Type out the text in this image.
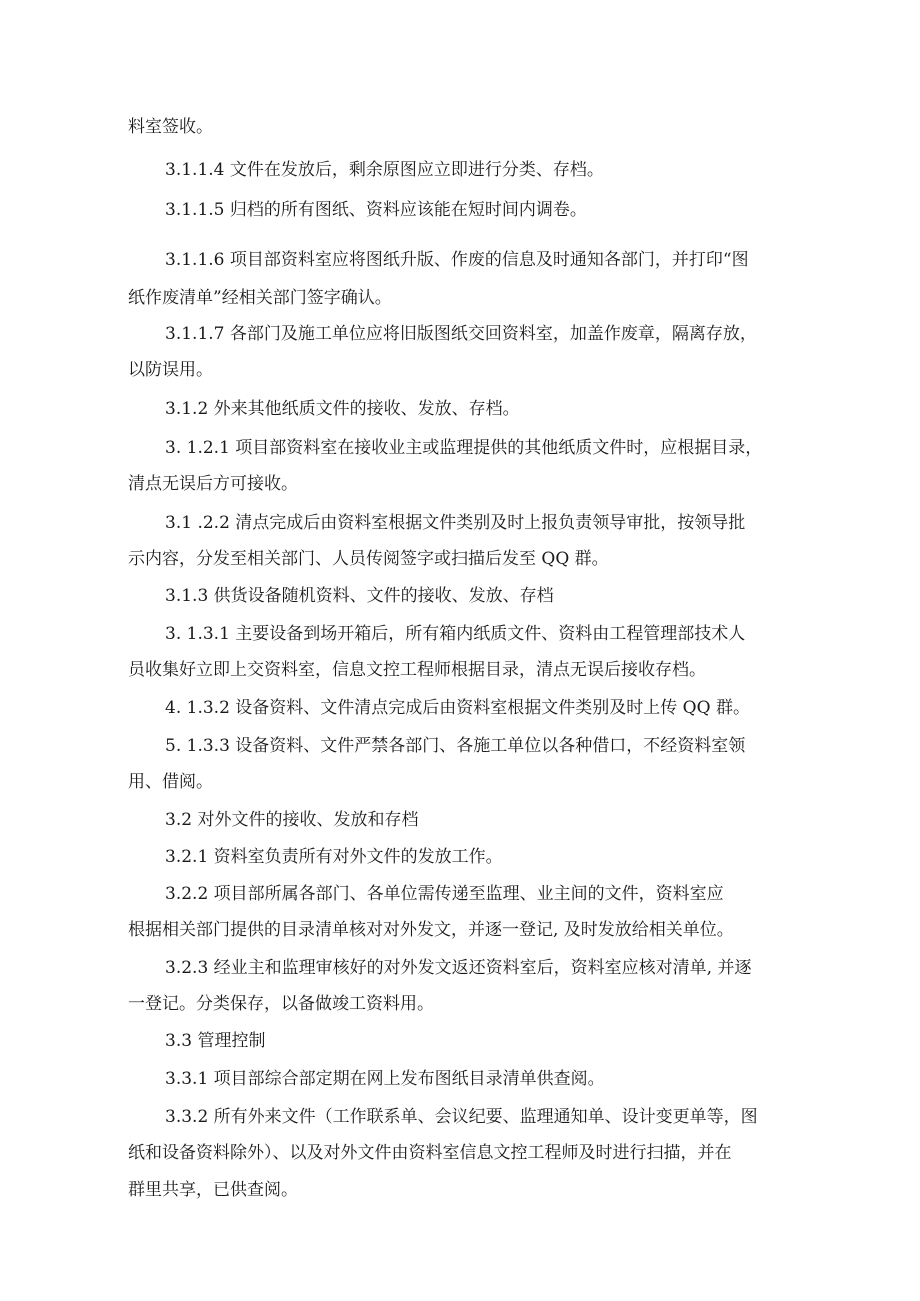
料室签收。

3.1.1.4 文件在发放后，剩余原图应立即进行分类、存档。

3.1.1.5 归档的所有图纸、资料应该能在短时间内调卷。

3.1.1.6 项目部资料室应将图纸升版、作废的信息及时通知各部门，并打印“图

纸作废清单”经相关部门签字确认。

3.1.1.7 各部门及施工单位应将旧版图纸交回资料室，加盖作废章，隔离存放，

以防误用。

3.1.2 外来其他纸质文件的接收、发放、存档。

3. 1.2.1 项目部资料室在接收业主或监理提供的其他纸质文件时，应根据目录，

清点无误后方可接收。

3.1 .2.2 清点完成后由资料室根据文件类别及时上报负责领导审批，按领导批

示内容，分发至相关部门、人员传阅签字或扫描后发至 QQ 群。

3.1.3 供货设备随机资料、文件的接收、发放、存档

3. 1.3.1 主要设备到场开箱后，所有箱内纸质文件、资料由工程管理部技术人

员收集好立即上交资料室，信息文控工程师根据目录，清点无误后接收存档。

4. 1.3.2 设备资料、文件清点完成后由资料室根据文件类别及时上传 QQ 群。

5. 1.3.3 设备资料、文件严禁各部门、各施工单位以各种借口，不经资料室领

用、借阅。

3.2 对外文件的接收、发放和存档

3.2.1 资料室负责所有对外文件的发放工作。

3.2.2 项目部所属各部门、各单位需传递至监理、业主间的文件，资料室应

根据相关部门提供的目录清单核对对外发文，并逐一登记, 及时发放给相关单位。

3.2.3 经业主和监理审核好的对外发文返还资料室后，资料室应核对清单, 并逐

一登记。分类保存，以备做竣工资料用。

3.3 管理控制

3.3.1 项目部综合部定期在网上发布图纸目录清单供查阅。

3.3.2 所有外来文件（工作联系单、会议纪要、监理通知单、设计变更单等，图

纸和设备资料除外）、以及对外文件由资料室信息文控工程师及时进行扫描，并在

群里共享，已供查阅。
